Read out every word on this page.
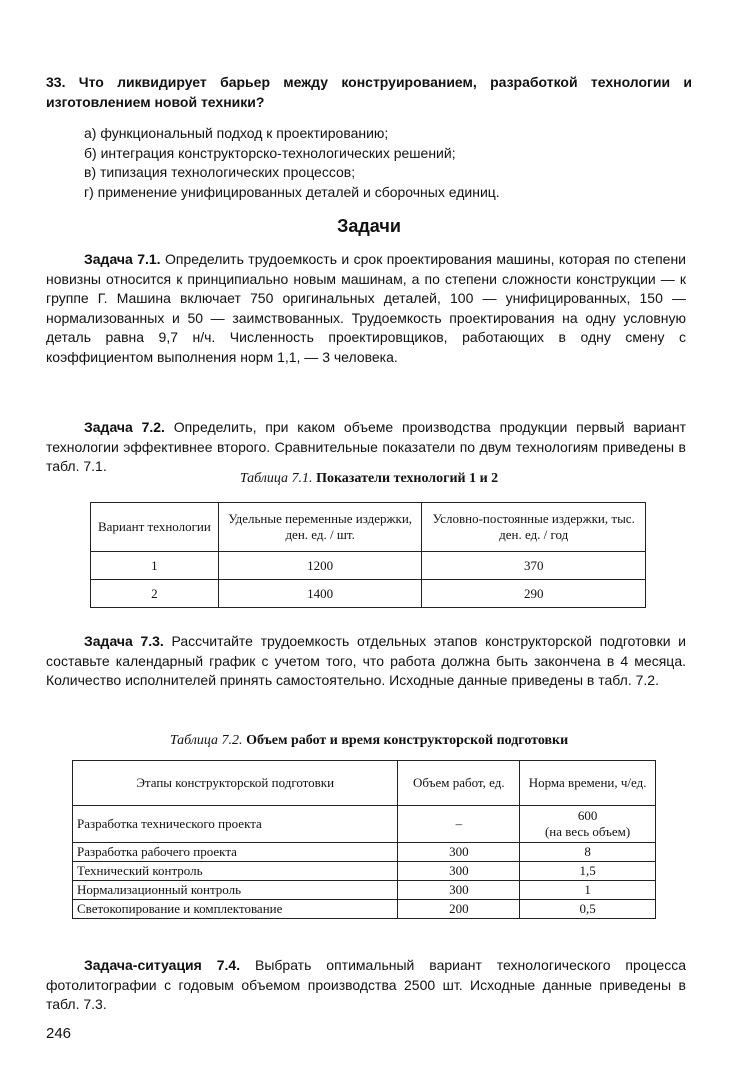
33. Что ликвидирует барьер между конструированием, разработкой технологии и изготовлением новой техники?
а) функциональный подход к проектированию;
б) интеграция конструкторско-технологических решений;
в) типизация технологических процессов;
г) применение унифицированных деталей и сборочных единиц.
Задачи

Задача 7.1. Определить трудоемкость и срок проектирования машины, которая по степени новизны относится к принципиально новым машинам, а по степени сложности конструкции — к группе Г. Машина включает 750 оригинальных деталей, 100 — унифицированных, 150 — нормализованных и 50 — заимствованных. Трудоемкость проектирования на одну условную деталь равна 9,7 н/ч. Численность проектировщиков, работающих в одну смену с коэффициентом выполнения норм 1,1, — 3 человека.

Задача 7.2. Определить, при каком объеме производства продукции первый вариант технологии эффективнее второго. Сравнительные показатели по двум технологиям приведены в табл. 7.1.

Таблица 7.1. Показатели технологий 1 и 2
Вариант технологии	Удельные переменные издержки, ден. ед. / шт.	Условно-постоянные издержки, тыс. ден. ед. / год
1	1200	370
2	1400	290

Задача 7.3. Рассчитайте трудоемкость отдельных этапов конструкторской подготовки и составьте календарный график с учетом того, что работа должна быть закончена в 4 месяца. Количество исполнителей принять самостоятельно. Исходные данные приведены в табл. 7.2.

Таблица 7.2. Объем работ и время конструкторской подготовки
Этапы конструкторской подготовки	Объем работ, ед.	Норма времени, ч/ед.
Разработка технического проекта	–	600
(на весь объем)

Разработка рабочего проекта	300	8
Технический контроль	300	1,5
Нормализационный контроль	300	1
Светокопирование и комплектование	200	0,5

Задача-ситуация 7.4. Выбрать оптимальный вариант технологического процесса фотолитографии с годовым объемом производства 2500 шт. Исходные данные приведены в табл. 7.3.

246
